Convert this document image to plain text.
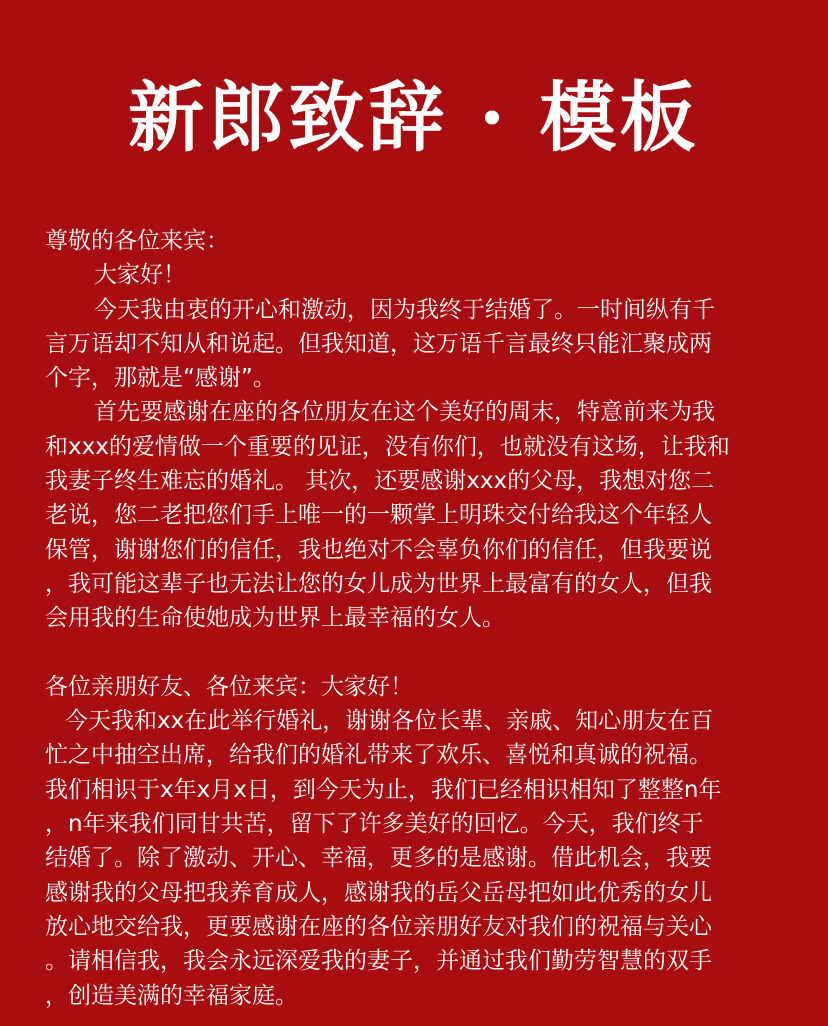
新郎致辞 · 模板
尊敬的各位来宾：
大家好！
今天我由衷的开心和激动，因为我终于结婚了。一时间纵有千
言万语却不知从和说起。但我知道，这万语千言最终只能汇聚成两
个字，那就是“感谢”。
首先要感谢在座的各位朋友在这个美好的周末，特意前来为我
和xxx的爱情做一个重要的见证，没有你们，也就没有这场，让我和
我妻子终生难忘的婚礼。 其次，还要感谢xxx的父母，我想对您二
老说，您二老把您们手上唯一的一颗掌上明珠交付给我这个年轻人
保管，谢谢您们的信任，我也绝对不会辜负你们的信任，但我要说
，我可能这辈子也无法让您的女儿成为世界上最富有的女人，但我
会用我的生命使她成为世界上最幸福的女人。
各位亲朋好友、各位来宾：大家好！
今天我和xx在此举行婚礼，谢谢各位长辈、亲戚、知心朋友在百
忙之中抽空出席，给我们的婚礼带来了欢乐、喜悦和真诚的祝福。
我们相识于x年x月x日，到今天为止，我们已经相识相知了整整n年
，n年来我们同甘共苦，留下了许多美好的回忆。今天，我们终于
结婚了。除了激动、开心、幸福，更多的是感谢。借此机会，我要
感谢我的父母把我养育成人，感谢我的岳父岳母把如此优秀的女儿
放心地交给我，更要感谢在座的各位亲朋好友对我们的祝福与关心
。请相信我，我会永远深爱我的妻子，并通过我们勤劳智慧的双手
，创造美满的幸福家庭。
